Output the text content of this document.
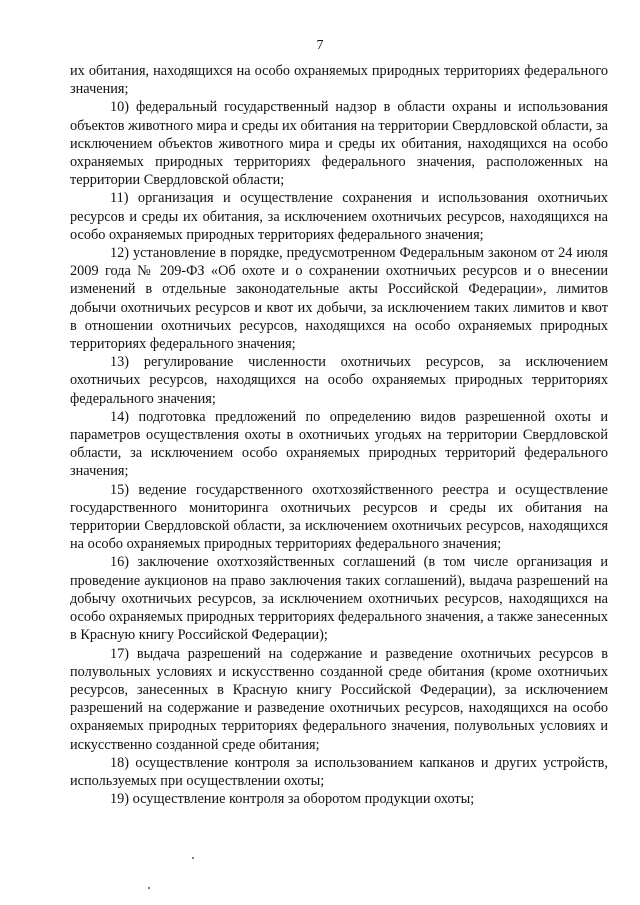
7

их обитания, находящихся на особо охраняемых природных территориях федерального значения;

10) федеральный государственный надзор в области охраны и использования объектов животного мира и среды их обитания на территории Свердловской области, за исключением объектов животного мира и среды их обитания, находящихся на особо охраняемых природных территориях федерального значения, расположенных на территории Свердловской области;

11) организация и осуществление сохранения и использования охотничьих ресурсов и среды их обитания, за исключением охотничьих ресурсов, находящихся на особо охраняемых природных территориях федерального значения;

12) установление в порядке, предусмотренном Федеральным законом от 24 июля 2009 года № 209-ФЗ «Об охоте и о сохранении охотничьих ресурсов и о внесении изменений в отдельные законодательные акты Российской Федерации», лимитов добычи охотничьих ресурсов и квот их добычи, за исключением таких лимитов и квот в отношении охотничьих ресурсов, находящихся на особо охраняемых природных территориях федерального значения;

13) регулирование численности охотничьих ресурсов, за исключением охотничьих ресурсов, находящихся на особо охраняемых природных территориях федерального значения;

14) подготовка предложений по определению видов разрешенной охоты и параметров осуществления охоты в охотничьих угодьях на территории Свердловской области, за исключением особо охраняемых природных территорий федерального значения;

15) ведение государственного охотхозяйственного реестра и осуществление государственного мониторинга охотничьих ресурсов и среды их обитания на территории Свердловской области, за исключением охотничьих ресурсов, находящихся на особо охраняемых природных территориях федерального значения;

16) заключение охотхозяйственных соглашений (в том числе организация и проведение аукционов на право заключения таких соглашений), выдача разрешений на добычу охотничьих ресурсов, за исключением охотничьих ресурсов, находящихся на особо охраняемых природных территориях федерального значения, а также занесенных в Красную книгу Российской Федерации);

17) выдача разрешений на содержание и разведение охотничьих ресурсов в полувольных условиях и искусственно созданной среде обитания (кроме охотничьих ресурсов, занесенных в Красную книгу Российской Федерации), за исключением разрешений на содержание и разведение охотничьих ресурсов, находящихся на особо охраняемых природных территориях федерального значения, полувольных условиях и искусственно созданной среде обитания;

18) осуществление контроля за использованием капканов и других устройств, используемых при осуществлении охоты;

19) осуществление контроля за оборотом продукции охоты;
